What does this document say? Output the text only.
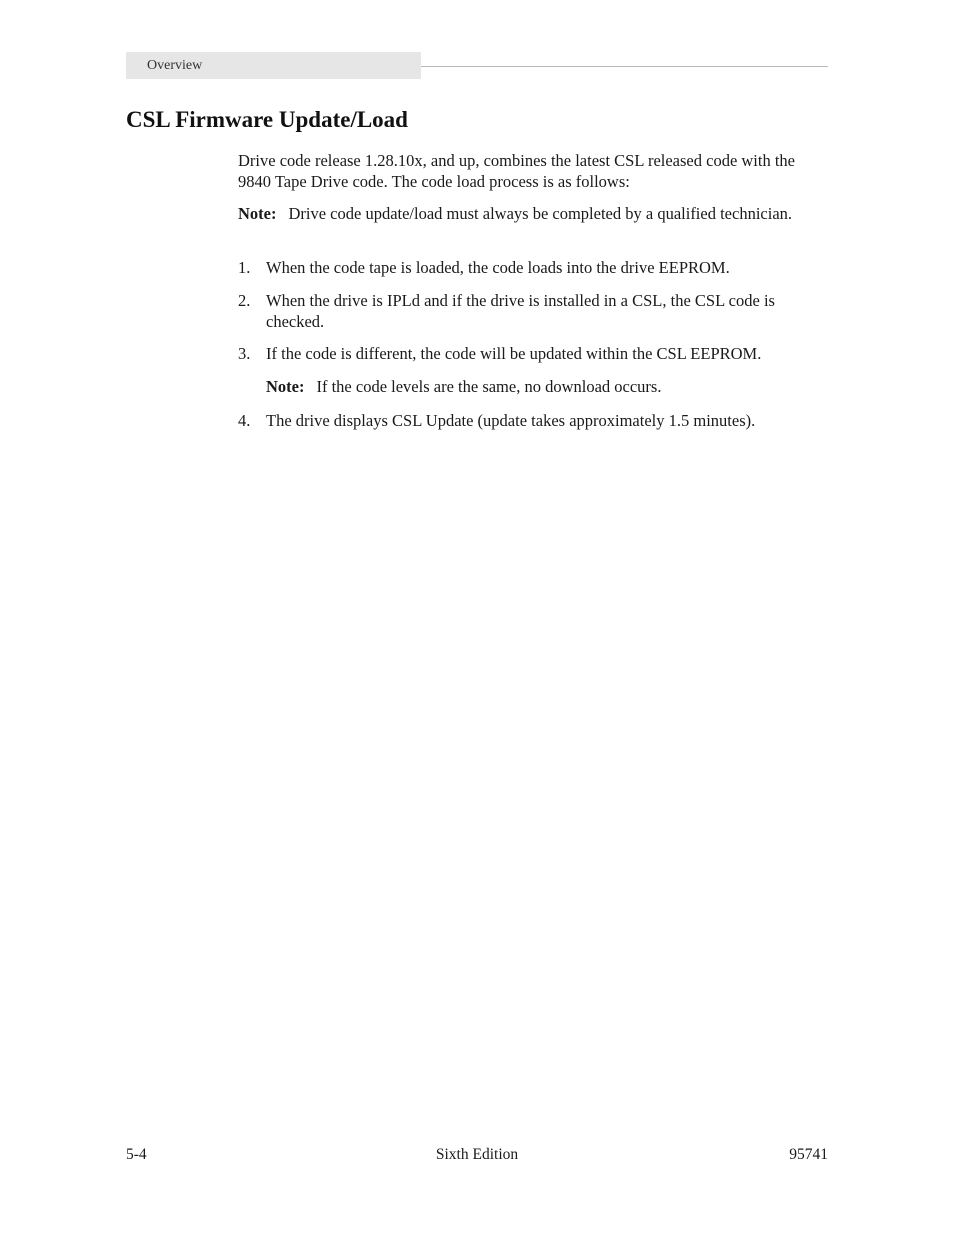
Overview
CSL Firmware Update/Load
Drive code release 1.28.10x, and up, combines the latest CSL released code with the 9840 Tape Drive code. The code load process is as follows:
Note: Drive code update/load must always be completed by a qualified technician.
1. When the code tape is loaded, the code loads into the drive EEPROM.
2. When the drive is IPLd and if the drive is installed in a CSL, the CSL code is checked.
3. If the code is different, the code will be updated within the CSL EEPROM.
Note: If the code levels are the same, no download occurs.
4. The drive displays CSL Update (update takes approximately 1.5 minutes).
Sixth Edition
5-4	95741
